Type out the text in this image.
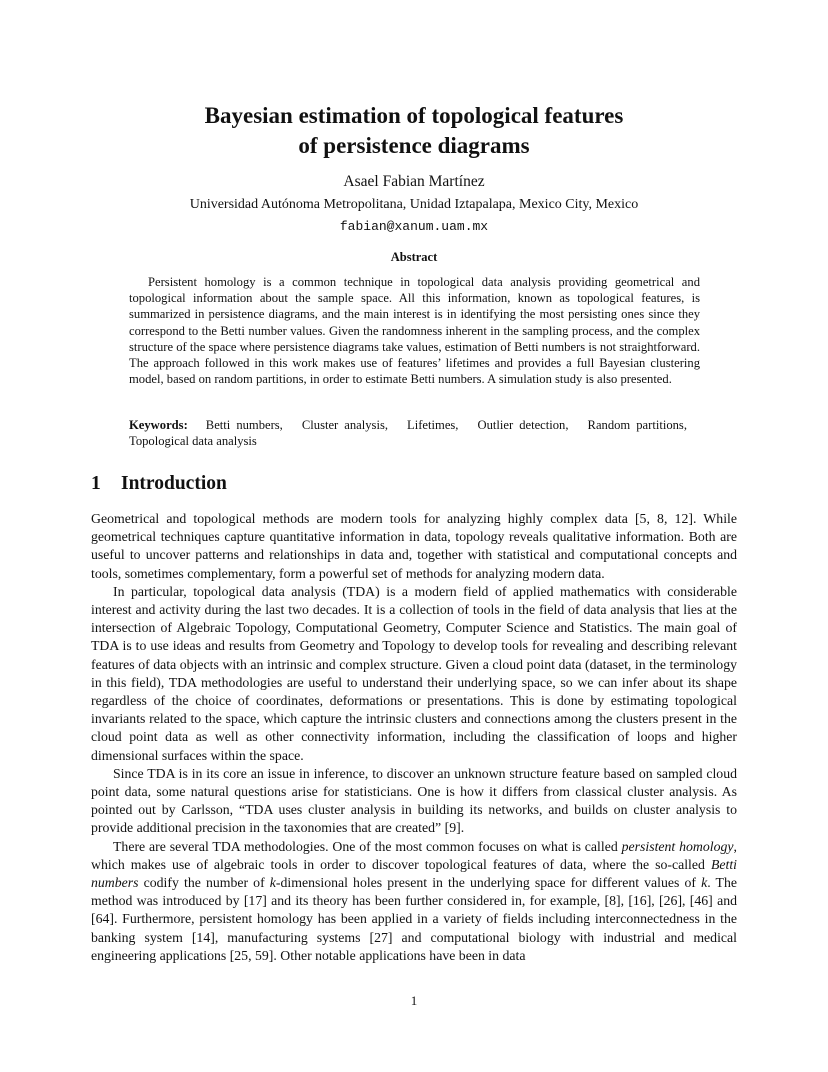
Bayesian estimation of topological features
of persistence diagrams
Asael Fabian Martínez
Universidad Autónoma Metropolitana, Unidad Iztapalapa, Mexico City, Mexico
fabian@xanum.uam.mx
Abstract

Persistent homology is a common technique in topological data analysis providing geometrical and topological information about the sample space. All this information, known as topological features, is summarized in persistence diagrams, and the main interest is in identifying the most persisting ones since they correspond to the Betti number values. Given the randomness inherent in the sampling process, and the complex structure of the space where persistence diagrams take values, estimation of Betti numbers is not straightforward. The approach followed in this work makes use of features’ lifetimes and provides a full Bayesian clustering model, based on random partitions, in order to estimate Betti numbers. A simulation study is also presented.

Keywords: Betti numbers, Cluster analysis, Lifetimes, Outlier detection, Random partitions, Topological data analysis

1 Introduction

Geometrical and topological methods are modern tools for analyzing highly complex data [5, 8, 12]. While geometrical techniques capture quantitative information in data, topology reveals qualitative information. Both are useful to uncover patterns and relationships in data and, together with statistical and computational concepts and tools, sometimes complementary, form a powerful set of methods for analyzing modern data.

In particular, topological data analysis (TDA) is a modern field of applied mathematics with considerable interest and activity during the last two decades. It is a collection of tools in the field of data analysis that lies at the intersection of Algebraic Topology, Computational Geometry, Computer Science and Statistics. The main goal of TDA is to use ideas and results from Geometry and Topology to develop tools for revealing and describing relevant features of data objects with an intrinsic and complex structure. Given a cloud point data (dataset, in the terminology in this field), TDA methodologies are useful to understand their underlying space, so we can infer about its shape regardless of the choice of coordinates, deformations or presentations. This is done by estimating topological invariants related to the space, which capture the intrinsic clusters and connections among the clusters present in the cloud point data as well as other connectivity information, including the classification of loops and higher dimensional surfaces within the space.

Since TDA is in its core an issue in inference, to discover an unknown structure feature based on sampled cloud point data, some natural questions arise for statisticians. One is how it differs from classical cluster analysis. As pointed out by Carlsson, “TDA uses cluster analysis in building its networks, and builds on cluster analysis to provide additional precision in the taxonomies that are created” [9].

There are several TDA methodologies. One of the most common focuses on what is called persistent homology, which makes use of algebraic tools in order to discover topological features of data, where the so-called Betti numbers codify the number of k-dimensional holes present in the underlying space for different values of k. The method was introduced by [17] and its theory has been further considered in, for example, [8], [16], [26], [46] and [64]. Furthermore, persistent homology has been applied in a variety of fields including interconnectedness in the banking system [14], manufacturing systems [27] and computational biology with industrial and medical engineering applications [25, 59]. Other notable applications have been in data

1
